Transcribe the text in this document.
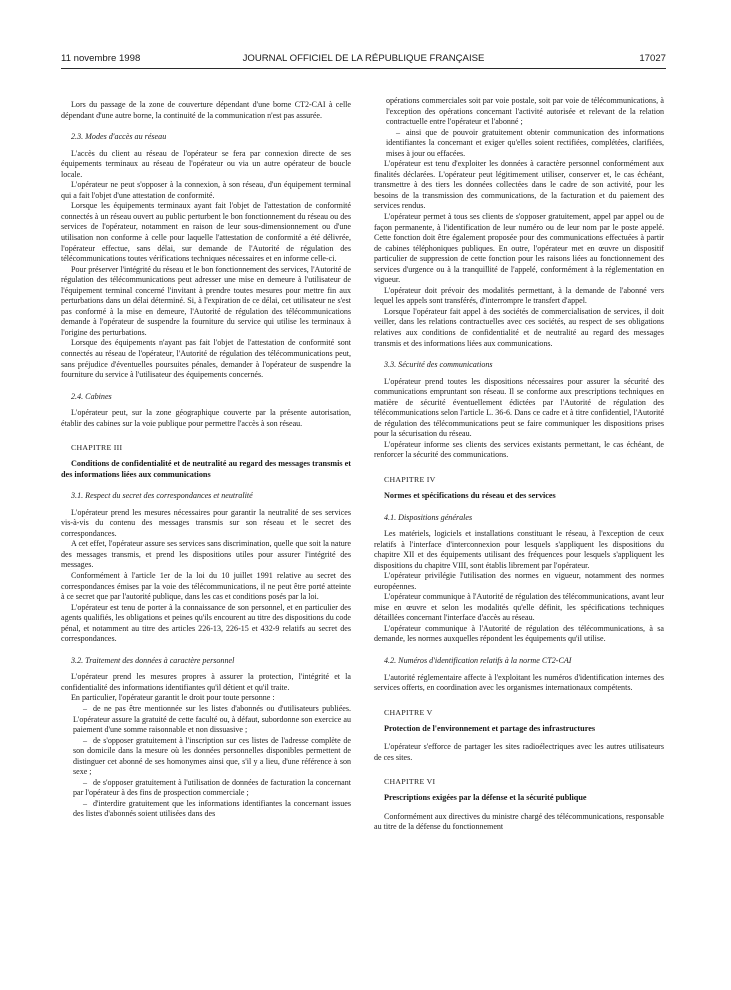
11 novembre 1998	JOURNAL OFFICIEL DE LA RÉPUBLIQUE FRANÇAISE	17027

Lors du passage de la zone de couverture dépendant d'une borne CT2-CAI à celle dépendant d'une autre borne, la continuité de la communication n'est pas assurée.

2.3. Modes d'accès au réseau

L'accès du client au réseau de l'opérateur se fera par connexion directe de ses équipements terminaux au réseau de l'opérateur ou via un autre opérateur de boucle locale.

L'opérateur ne peut s'opposer à la connexion, à son réseau, d'un équipement terminal qui a fait l'objet d'une attestation de conformité.

Lorsque les équipements terminaux ayant fait l'objet de l'attestation de conformité connectés à un réseau ouvert au public perturbent le bon fonctionnement du réseau ou des services de l'opérateur, notamment en raison de leur sous-dimensionnement ou d'une utilisation non conforme à celle pour laquelle l'attestation de conformité a été délivrée, l'opérateur effectue, sans délai, sur demande de l'Autorité de régulation des télécommunications toutes vérifications techniques nécessaires et en informe celle-ci.

Pour préserver l'intégrité du réseau et le bon fonctionnement des services, l'Autorité de régulation des télécommunications peut adresser une mise en demeure à l'utilisateur de l'équipement terminal concerné l'invitant à prendre toutes mesures pour mettre fin aux perturbations dans un délai déterminé. Si, à l'expiration de ce délai, cet utilisateur ne s'est pas conformé à la mise en demeure, l'Autorité de régulation des télécommunications demande à l'opérateur de suspendre la fourniture du service qui utilise les terminaux à l'origine des perturbations.

Lorsque des équipements n'ayant pas fait l'objet de l'attestation de conformité sont connectés au réseau de l'opérateur, l'Autorité de régulation des télécommunications peut, sans préjudice d'éventuelles poursuites pénales, demander à l'opérateur de suspendre la fourniture du service à l'utilisateur des équipements concernés.

2.4. Cabines

L'opérateur peut, sur la zone géographique couverte par la présente autorisation, établir des cabines sur la voie publique pour permettre l'accès à son réseau.

CHAPITRE III

Conditions de confidentialité et de neutralité au regard des messages transmis et des informations liées aux communications

3.1. Respect du secret des correspondances et neutralité

L'opérateur prend les mesures nécessaires pour garantir la neutralité de ses services vis-à-vis du contenu des messages transmis sur son réseau et le secret des correspondances.

A cet effet, l'opérateur assure ses services sans discrimination, quelle que soit la nature des messages transmis, et prend les dispositions utiles pour assurer l'intégrité des messages.

Conformément à l'article 1er de la loi du 10 juillet 1991 relative au secret des correspondances émises par la voie des télécommunications, il ne peut être porté atteinte à ce secret que par l'autorité publique, dans les cas et conditions posés par la loi.

L'opérateur est tenu de porter à la connaissance de son personnel, et en particulier des agents qualifiés, les obligations et peines qu'ils encourent au titre des dispositions du code pénal, et notamment au titre des articles 226-13, 226-15 et 432-9 relatifs au secret des correspondances.

3.2. Traitement des données à caractère personnel

L'opérateur prend les mesures propres à assurer la protection, l'intégrité et la confidentialité des informations identifiantes qu'il détient et qu'il traite.

En particulier, l'opérateur garantit le droit pour toute personne :

– de ne pas être mentionnée sur les listes d'abonnés ou d'utilisateurs publiées. L'opérateur assure la gratuité de cette faculté ou, à défaut, subordonne son exercice au paiement d'une somme raisonnable et non dissuasive ;

– de s'opposer gratuitement à l'inscription sur ces listes de l'adresse complète de son domicile dans la mesure où les données personnelles disponibles permettent de distinguer cet abonné de ses homonymes ainsi que, s'il y a lieu, d'une référence à son sexe ;

– de s'opposer gratuitement à l'utilisation de données de facturation la concernant par l'opérateur à des fins de prospection commerciale ;

– d'interdire gratuitement que les informations identifiantes la concernant issues des listes d'abonnés soient utilisées dans des

opérations commerciales soit par voie postale, soit par voie de télécommunications, à l'exception des opérations concernant l'activité autorisée et relevant de la relation contractuelle entre l'opérateur et l'abonné ;

– ainsi que de pouvoir gratuitement obtenir communication des informations identifiantes la concernant et exiger qu'elles soient rectifiées, complétées, clarifiées, mises à jour ou effacées.

L'opérateur est tenu d'exploiter les données à caractère personnel conformément aux finalités déclarées. L'opérateur peut légitimement utiliser, conserver et, le cas échéant, transmettre à des tiers les données collectées dans le cadre de son activité, pour les besoins de la transmission des communications, de la facturation et du paiement des services rendus.

L'opérateur permet à tous ses clients de s'opposer gratuitement, appel par appel ou de façon permanente, à l'identification de leur numéro ou de leur nom par le poste appelé. Cette fonction doit être également proposée pour des communications effectuées à partir de cabines téléphoniques publiques. En outre, l'opérateur met en œuvre un dispositif particulier de suppression de cette fonction pour les raisons liées au fonctionnement des services d'urgence ou à la tranquillité de l'appelé, conformément à la réglementation en vigueur.

L'opérateur doit prévoir des modalités permettant, à la demande de l'abonné vers lequel les appels sont transférés, d'interrompre le transfert d'appel.

Lorsque l'opérateur fait appel à des sociétés de commercialisation de services, il doit veiller, dans les relations contractuelles avec ces sociétés, au respect de ses obligations relatives aux conditions de confidentialité et de neutralité au regard des messages transmis et des informations liées aux communications.

3.3. Sécurité des communications

L'opérateur prend toutes les dispositions nécessaires pour assurer la sécurité des communications empruntant son réseau. Il se conforme aux prescriptions techniques en matière de sécurité éventuellement édictées par l'Autorité de régulation des télécommunications selon l'article L. 36-6. Dans ce cadre et à titre confidentiel, l'Autorité de régulation des télécommunications peut se faire communiquer les dispositions prises pour la sécurisation du réseau.

L'opérateur informe ses clients des services existants permettant, le cas échéant, de renforcer la sécurité des communications.

CHAPITRE IV

Normes et spécifications du réseau et des services

4.1. Dispositions générales

Les matériels, logiciels et installations constituant le réseau, à l'exception de ceux relatifs à l'interface d'interconnexion pour lesquels s'appliquent les dispositions du chapitre XII et des équipements utilisant des fréquences pour lesquels s'appliquent les dispositions du chapitre VIII, sont établis librement par l'opérateur.

L'opérateur privilégie l'utilisation des normes en vigueur, notamment des normes européennes.

L'opérateur communique à l'Autorité de régulation des télécommunications, avant leur mise en œuvre et selon les modalités qu'elle définit, les spécifications techniques détaillées concernant l'interface d'accès au réseau.

L'opérateur communique à l'Autorité de régulation des télécommunications, à sa demande, les normes auxquelles répondent les équipements qu'il utilise.

4.2. Numéros d'identification relatifs à la norme CT2-CAI

L'autorité réglementaire affecte à l'exploitant les numéros d'identification internes des services offerts, en coordination avec les organismes internationaux compétents.

CHAPITRE V

Protection de l'environnement et partage des infrastructures

L'opérateur s'efforce de partager les sites radioélectriques avec les autres utilisateurs de ces sites.

CHAPITRE VI

Prescriptions exigées par la défense et la sécurité publique

Conformément aux directives du ministre chargé des télécommunications, responsable au titre de la défense du fonctionnement
